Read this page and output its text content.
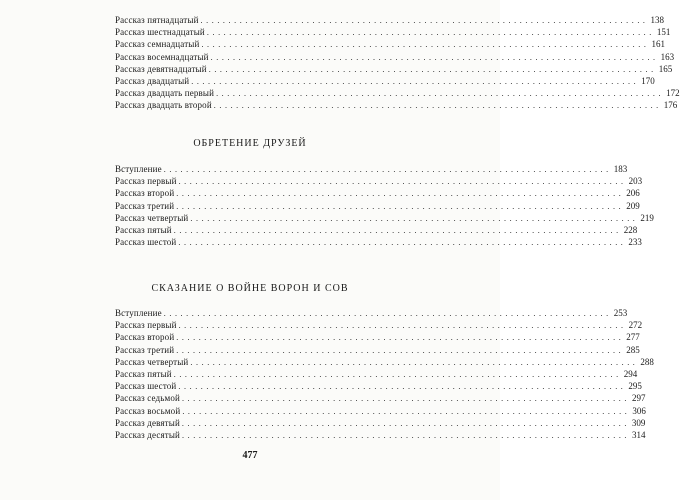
Рассказ пятнадцатый ................................................................................ 138
Рассказ шестнадцатый ................................................................................ 151
Рассказ семнадцатый ................................................................................ 161
Рассказ восемнадцатый ................................................................................ 163
Рассказ девятнадцатый ................................................................................ 165
Рассказ двадцатый ................................................................................ 170
Рассказ двадцать первый ................................................................................ 172
Рассказ двадцать второй ................................................................................ 176
ОБРЕТЕНИЕ ДРУЗЕЙ
Вступление ................................................................................ 183
Рассказ первый ................................................................................ 203
Рассказ второй ................................................................................ 206
Рассказ третий ................................................................................ 209
Рассказ четвертый ................................................................................ 219
Рассказ пятый ................................................................................ 228
Рассказ шестой ................................................................................ 233
СКАЗАНИЕ О ВОЙНЕ ВОРОН И СОВ
Вступление ................................................................................ 253
Рассказ первый ................................................................................ 272
Рассказ второй ................................................................................ 277
Рассказ третий ................................................................................ 285
Рассказ четвертый ................................................................................ 288
Рассказ пятый ................................................................................ 294
Рассказ шестой ................................................................................ 295
Рассказ седьмой ................................................................................ 297
Рассказ восьмой ................................................................................ 306
Рассказ девятый ................................................................................ 309
Рассказ десятый ................................................................................ 314
477
